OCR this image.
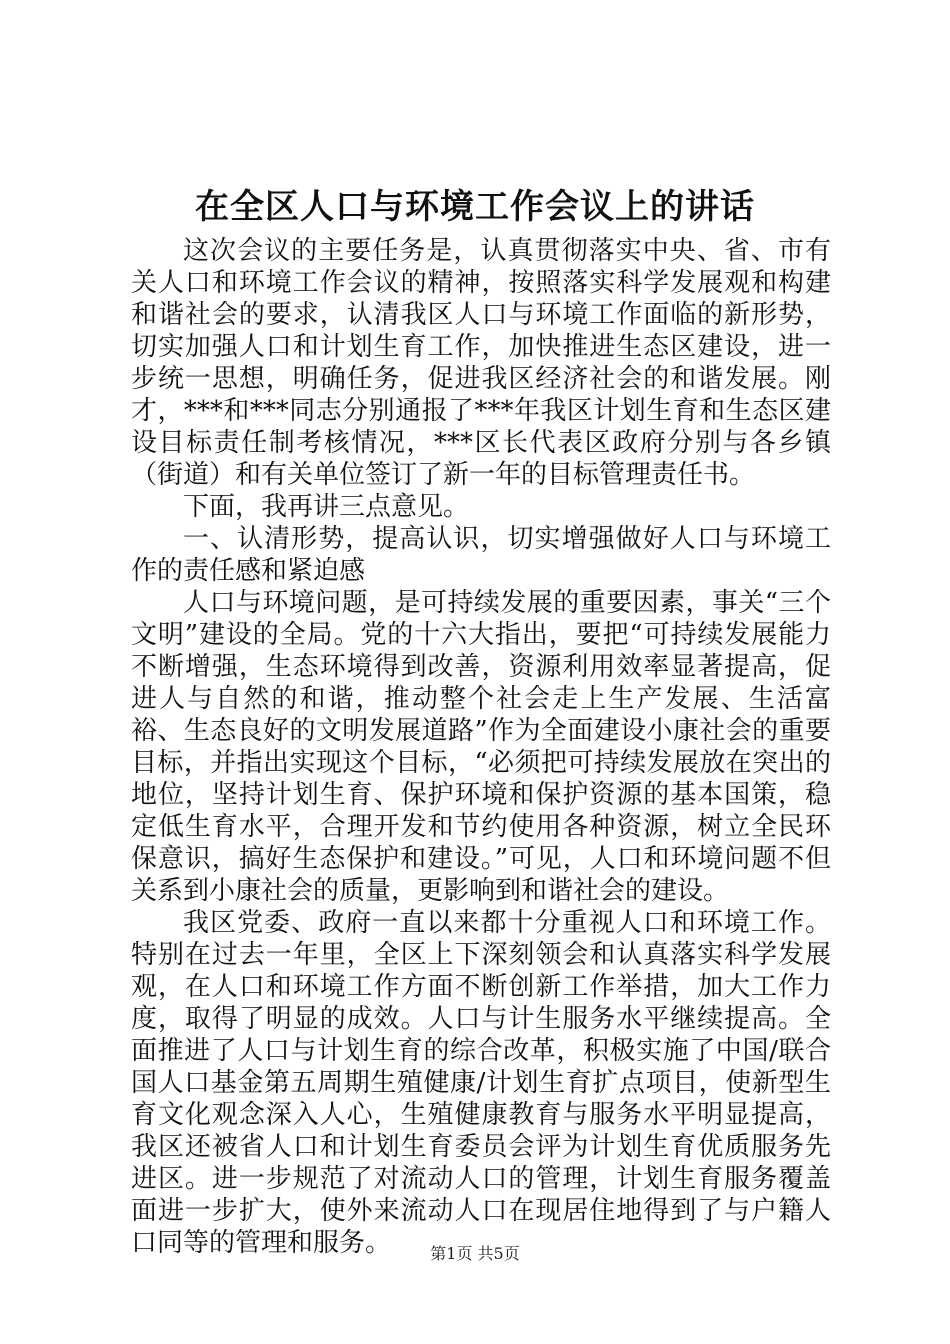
在全区人口与环境工作会议上的讲话

这次会议的主要任务是，认真贯彻落实中央、省、市有关人口和环境工作会议的精神，按照落实科学发展观和构建和谐社会的要求，认清我区人口与环境工作面临的新形势，切实加强人口和计划生育工作，加快推进生态区建设，进一步统一思想，明确任务，促进我区经济社会的和谐发展。刚才，***和***同志分别通报了***年我区计划生育和生态区建设目标责任制考核情况，***区长代表区政府分别与各乡镇（街道）和有关单位签订了新一年的目标管理责任书。

下面，我再讲三点意见。

一、认清形势，提高认识，切实增强做好人口与环境工作的责任感和紧迫感

人口与环境问题，是可持续发展的重要因素，事关“三个文明”建设的全局。党的十六大指出，要把“可持续发展能力不断增强，生态环境得到改善，资源利用效率显著提高，促进人与自然的和谐，推动整个社会走上生产发展、生活富裕、生态良好的文明发展道路”作为全面建设小康社会的重要目标，并指出实现这个目标，“必须把可持续发展放在突出的地位，坚持计划生育、保护环境和保护资源的基本国策，稳定低生育水平，合理开发和节约使用各种资源，树立全民环保意识，搞好生态保护和建设。”可见，人口和环境问题不但关系到小康社会的质量，更影响到和谐社会的建设。

我区党委、政府一直以来都十分重视人口和环境工作。特别在过去一年里，全区上下深刻领会和认真落实科学发展观，在人口和环境工作方面不断创新工作举措，加大工作力度，取得了明显的成效。人口与计生服务水平继续提高。全面推进了人口与计划生育的综合改革，积极实施了中国/联合国人口基金第五周期生殖健康/计划生育扩点项目，使新型生育文化观念深入人心，生殖健康教育与服务水平明显提高，我区还被省人口和计划生育委员会评为计划生育优质服务先进区。进一步规范了对流动人口的管理，计划生育服务覆盖面进一步扩大，使外来流动人口在现居住地得到了与户籍人口同等的管理和服务。	第1页 共5页
